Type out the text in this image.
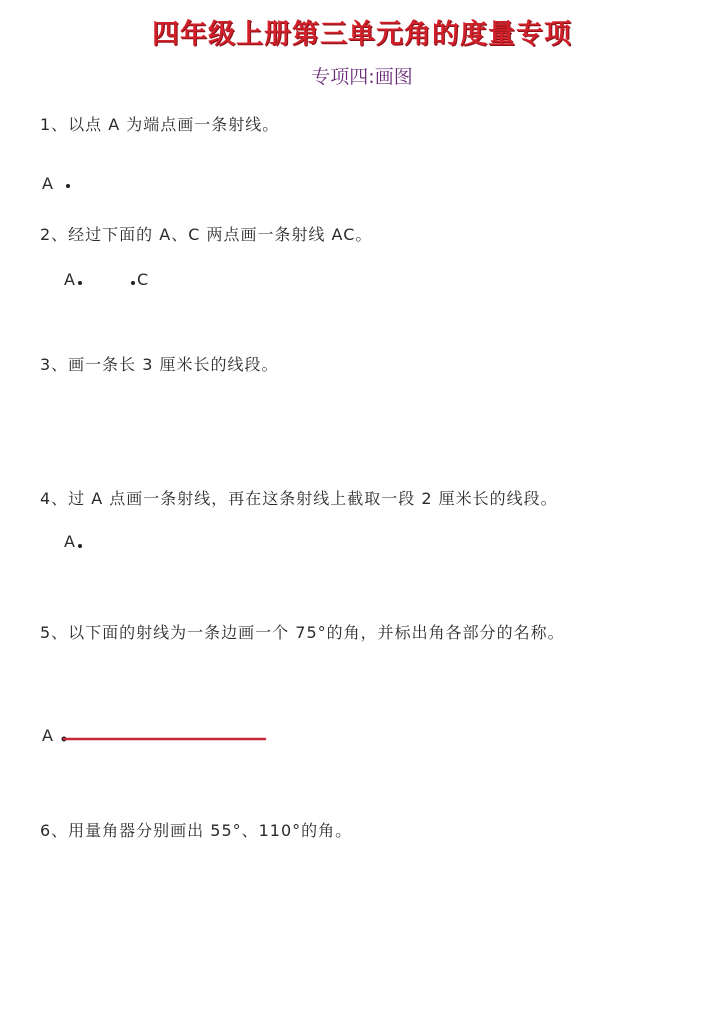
四年级上册第三单元角的度量专项
专项四:画图
1、以点 A 为端点画一条射线。
A
2、经过下面的 A、C 两点画一条射线 AC。
A	C
3、画一条长 3 厘米长的线段。
4、过 A 点画一条射线，再在这条射线上截取一段 2 厘米长的线段。
A
5、以下面的射线为一条边画一个 75°的角，并标出角各部分的名称。
A
6、用量角器分别画出 55°、110°的角。
